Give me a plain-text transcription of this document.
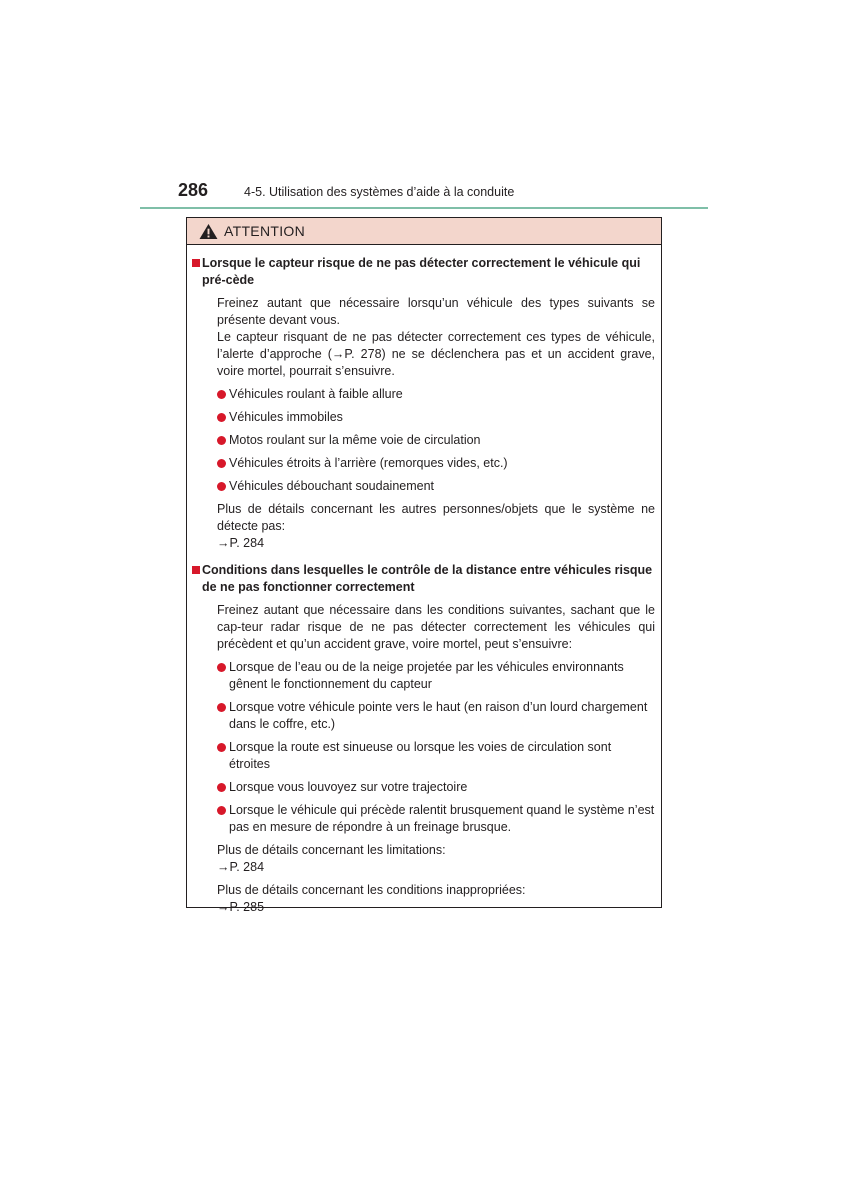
286	4-5. Utilisation des systèmes d’aide à la conduite
ATTENTION
Lorsque le capteur risque de ne pas détecter correctement le véhicule qui pré-cède
Freinez autant que nécessaire lorsqu’un véhicule des types suivants se présente devant vous.
Le capteur risquant de ne pas détecter correctement ces types de véhicule, l’alerte d’approche (→P. 278) ne se déclenchera pas et un accident grave, voire mortel, pourrait s’ensuivre.
Véhicules roulant à faible allure
Véhicules immobiles
Motos roulant sur la même voie de circulation
Véhicules étroits à l’arrière (remorques vides, etc.)
Véhicules débouchant soudainement
Plus de détails concernant les autres personnes/objets que le système ne détecte pas:
→P. 284
Conditions dans lesquelles le contrôle de la distance entre véhicules risque de ne pas fonctionner correctement
Freinez autant que nécessaire dans les conditions suivantes, sachant que le cap-teur radar risque de ne pas détecter correctement les véhicules qui précèdent et qu’un accident grave, voire mortel, peut s’ensuivre:
Lorsque de l’eau ou de la neige projetée par les véhicules environnants gênent le fonctionnement du capteur
Lorsque votre véhicule pointe vers le haut (en raison d’un lourd chargement dans le coffre, etc.)
Lorsque la route est sinueuse ou lorsque les voies de circulation sont étroites
Lorsque vous louvoyez sur votre trajectoire
Lorsque le véhicule qui précède ralentit brusquement quand le système n’est pas en mesure de répondre à un freinage brusque.
Plus de détails concernant les limitations:
→P. 284
Plus de détails concernant les conditions inappropriées:
→P. 285
